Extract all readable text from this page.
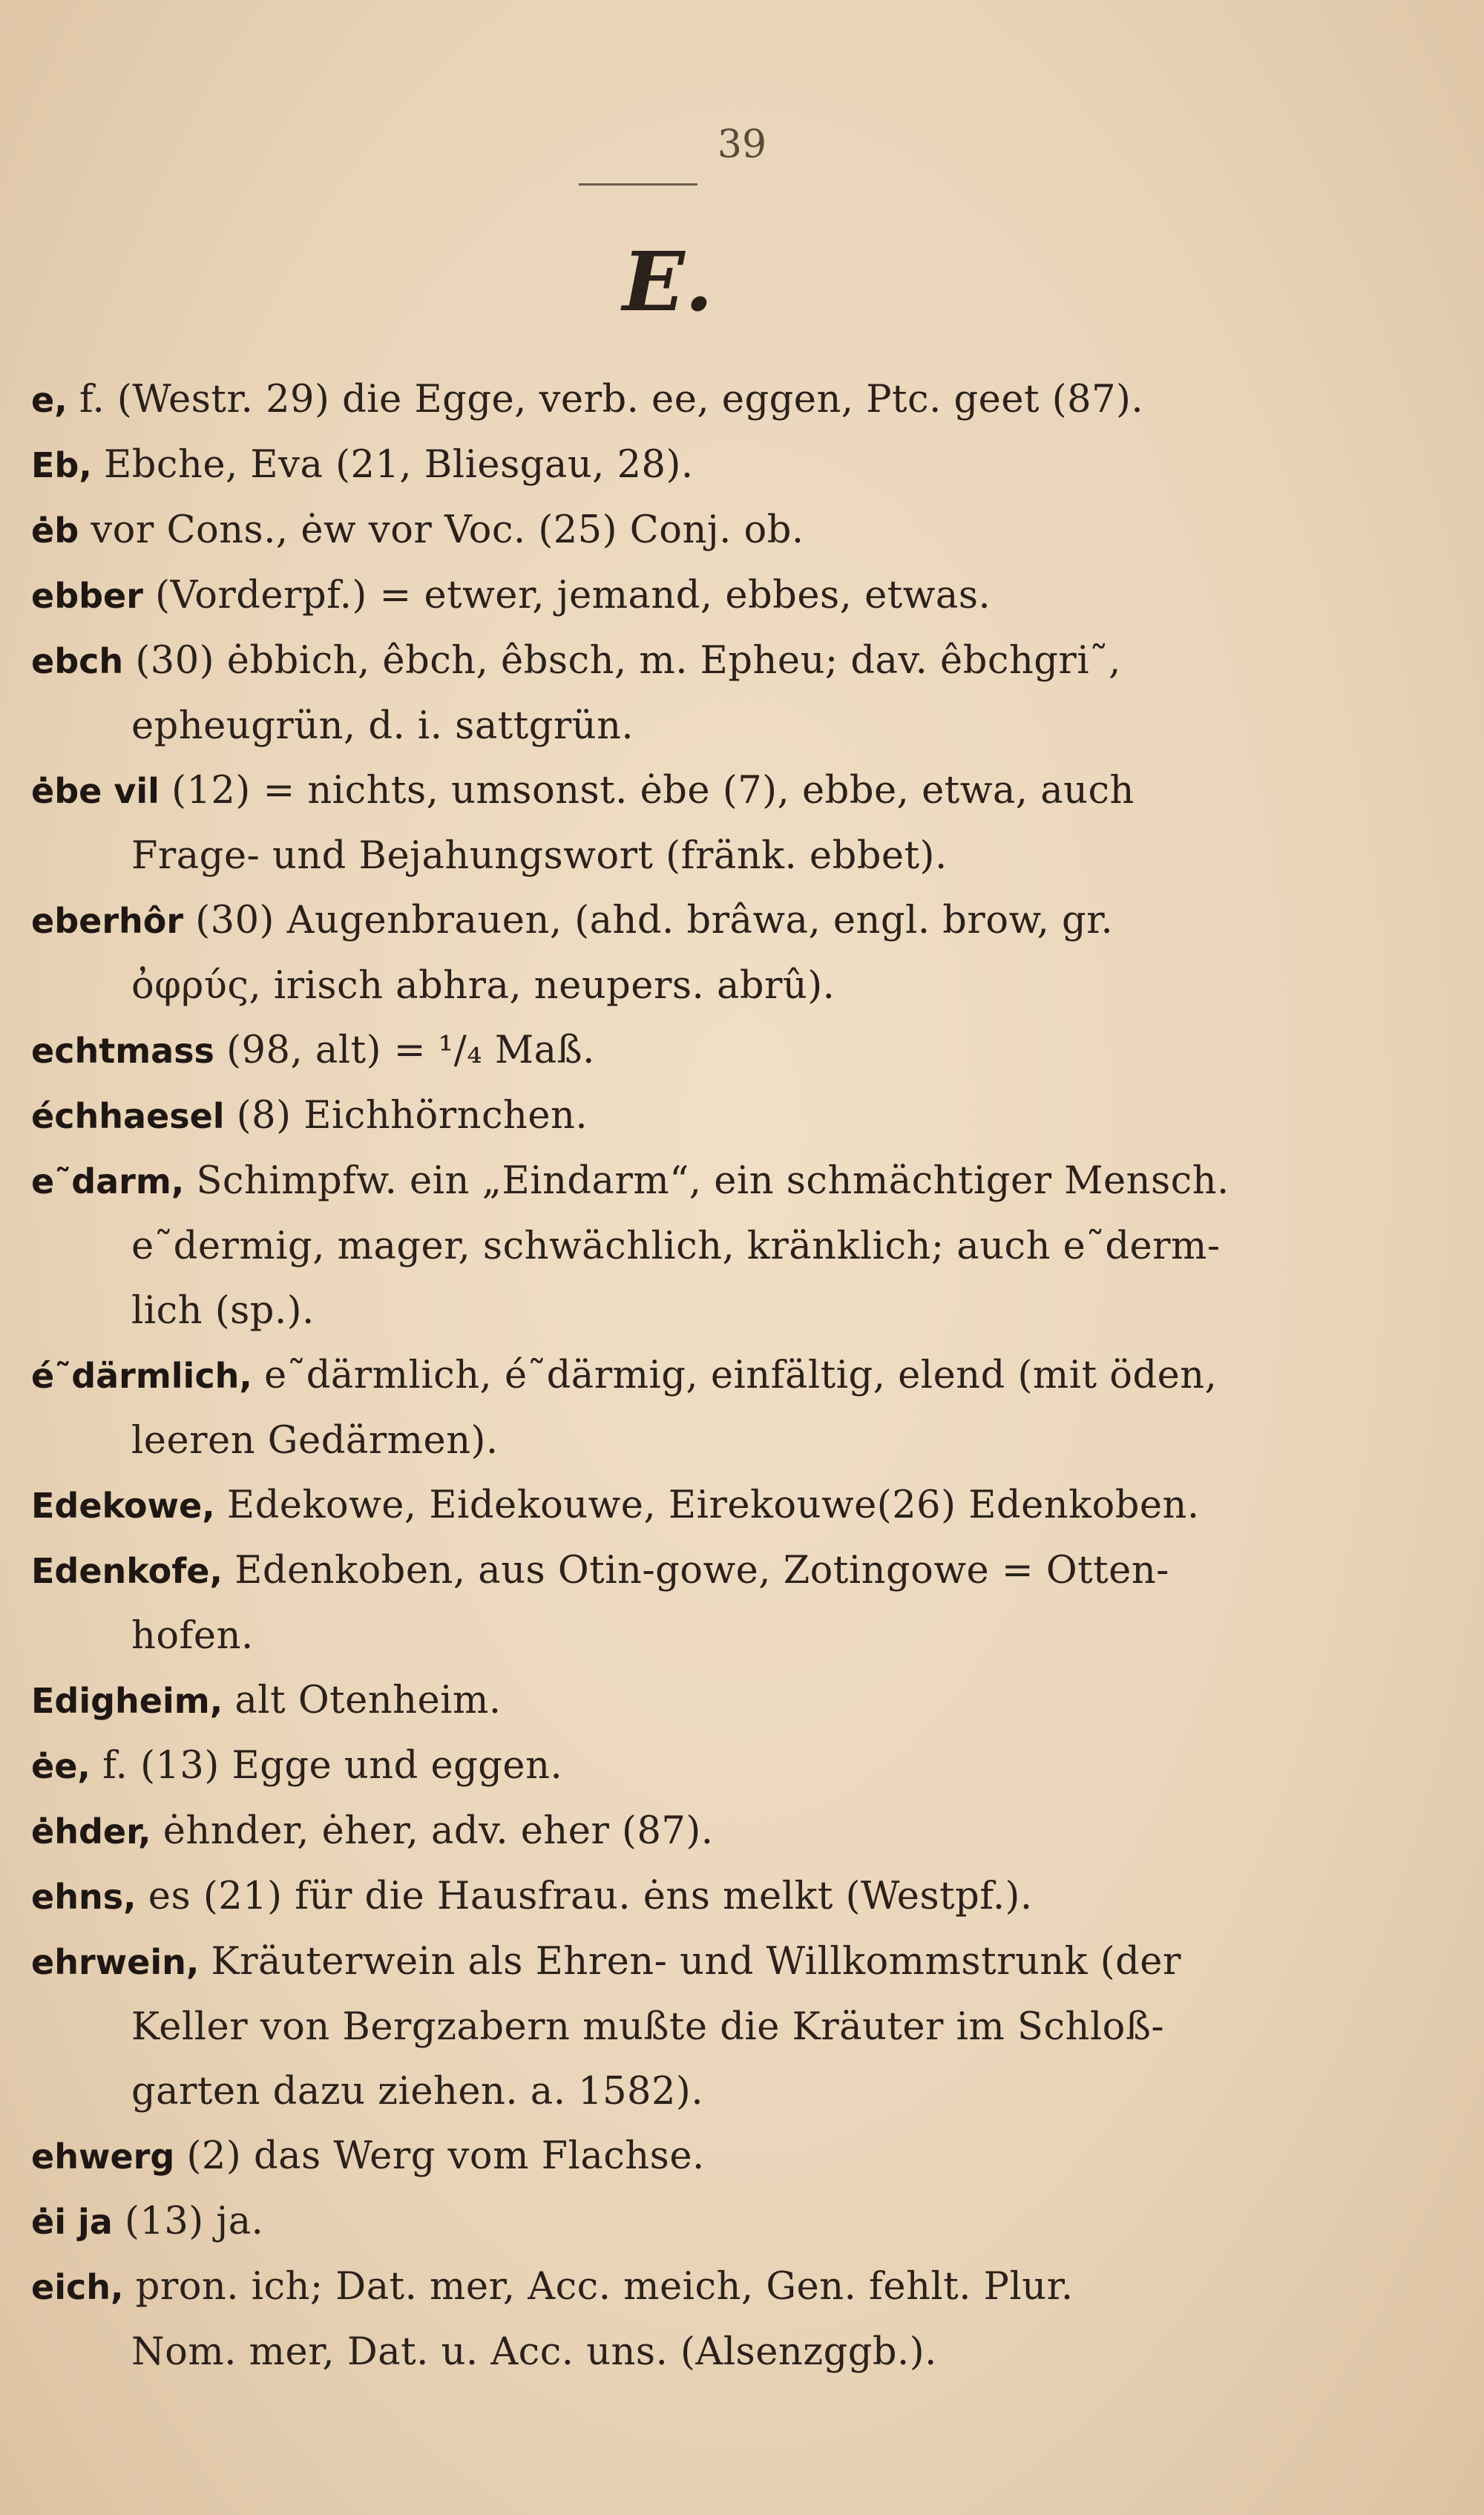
39
E.
e, f. (Westr. 29) die Egge, verb. ee, eggen, Ptc. geet (87).
Eb, Ebche, Eva (21, Bliesgau, 28).
ėb vor Cons., ėw vor Voc. (25) Conj. ob.
ebber (Vorderpf.) = etwer, jemand, ebbes, etwas.
ebch (30) ėbbich, êbch, êbsch, m. Epheu; dav. êbchgri˜,
epheugrün, d. i. sattgrün.
ėbe vil (12) = nichts, umsonst. ėbe (7), ebbe, etwa, auch
Frage- und Bejahungswort (fränk. ebbet).
eberhôr (30) Augenbrauen, (ahd. brâwa, engl. brow, gr.
ὀφρύς, irisch abhra, neupers. abrû).
echtmass (98, alt) = ¹/₄ Maß.
échhaesel (8) Eichhörnchen.
e˜darm, Schimpfw. ein „Eindarm“, ein schmächtiger Mensch.
e˜dermig, mager, schwächlich, kränklich; auch e˜derm-
lich (sp.).
é˜därmlich, e˜därmlich, é˜därmig, einfältig, elend (mit öden,
leeren Gedärmen).
Edekowe, Edekowe, Eidekouwe, Eirekouwe(26) Edenkoben.
Edenkofe, Edenkoben, aus Otin-gowe, Zotingowe = Otten-
hofen.
Edigheim, alt Otenheim.
ėe, f. (13) Egge und eggen.
ėhder, ėhnder, ėher, adv. eher (87).
ehns, es (21) für die Hausfrau. ėns melkt (Westpf.).
ehrwein, Kräuterwein als Ehren- und Willkommstrunk (der
Keller von Bergzabern mußte die Kräuter im Schloß-
garten dazu ziehen. a. 1582).
ehwerg (2) das Werg vom Flachse.
ėi ja (13) ja.
eich, pron. ich; Dat. mer, Acc. meich, Gen. fehlt. Plur.
Nom. mer, Dat. u. Acc. uns. (Alsenzggb.).
